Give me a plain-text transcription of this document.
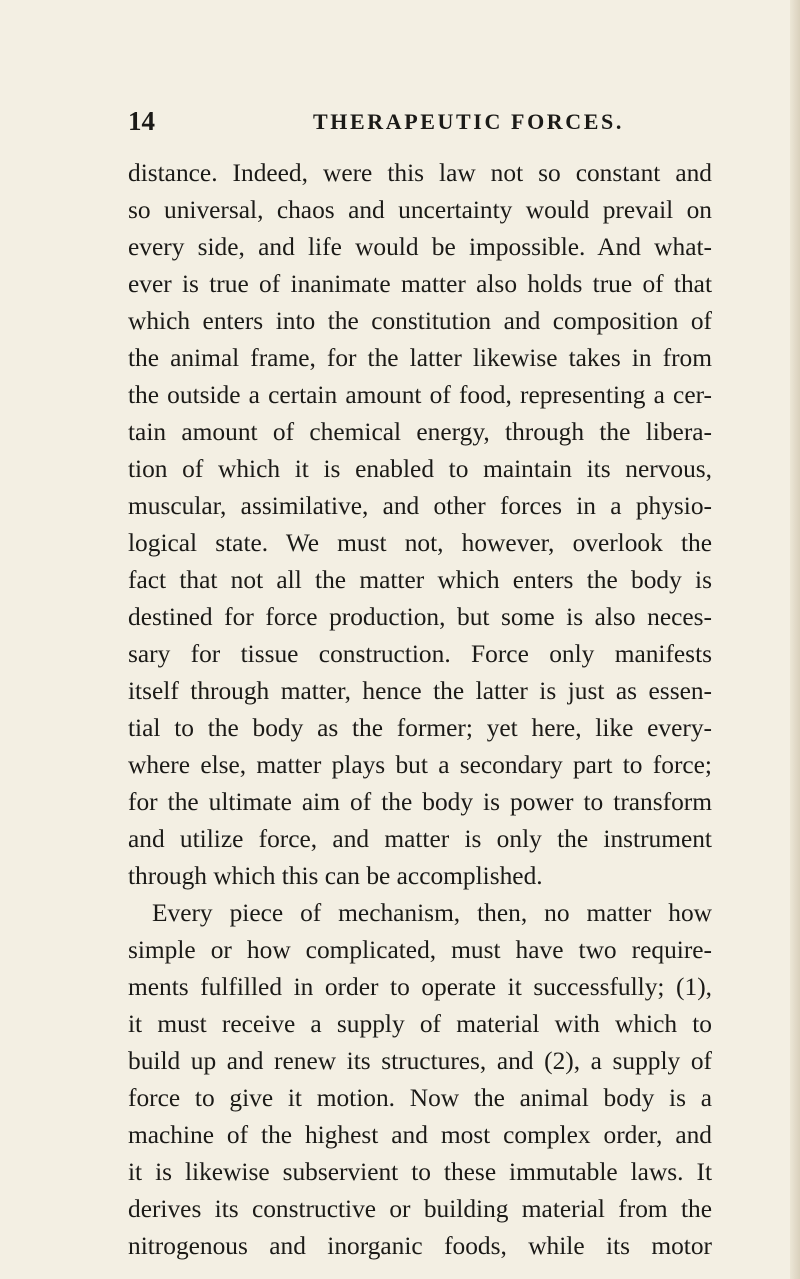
14	THERAPEUTIC FORCES.
distance. Indeed, were this law not so constant and
so universal, chaos and uncertainty would prevail on
every side, and life would be impossible. And what-
ever is true of inanimate matter also holds true of that
which enters into the constitution and composition of
the animal frame, for the latter likewise takes in from
the outside a certain amount of food, representing a cer-
tain amount of chemical energy, through the libera-
tion of which it is enabled to maintain its nervous,
muscular, assimilative, and other forces in a physio-
logical state. We must not, however, overlook the
fact that not all the matter which enters the body is
destined for force production, but some is also neces-
sary for tissue construction. Force only manifests
itself through matter, hence the latter is just as essen-
tial to the body as the former; yet here, like every-
where else, matter plays but a secondary part to force;
for the ultimate aim of the body is power to transform
and utilize force, and matter is only the instrument
through which this can be accomplished.
Every piece of mechanism, then, no matter how
simple or how complicated, must have two require-
ments fulfilled in order to operate it successfully; (1),
it must receive a supply of material with which to
build up and renew its structures, and (2), a supply of
force to give it motion. Now the animal body is a
machine of the highest and most complex order, and
it is likewise subservient to these immutable laws. It
derives its constructive or building material from the
nitrogenous and inorganic foods, while its motor
